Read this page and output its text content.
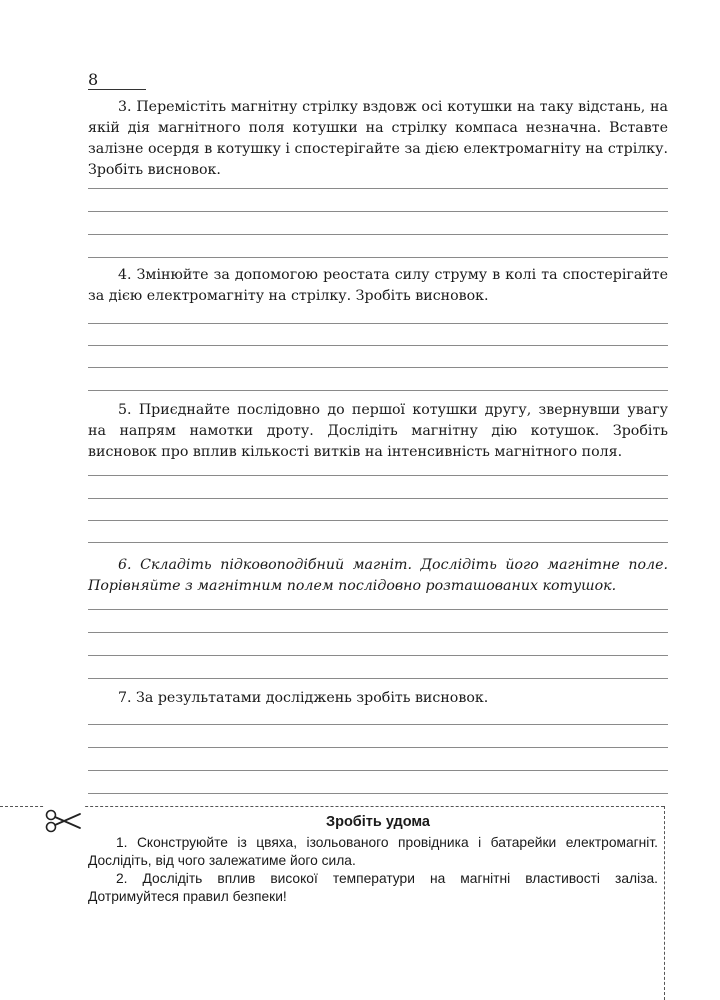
8

3. Перемістіть магнітну стрілку вздовж осі котушки на таку відстань, на якій дія магнітного поля котушки на стрілку компаса незначна. Вставте залізне осердя в котушку і спостерігайте за дією електромагніту на стрілку. Зробіть висновок.

4. Змінюйте за допомогою реостата силу струму в колі та спостерігайте за дією електромагніту на стрілку. Зробіть висновок.

5. Приєднайте послідовно до першої котушки другу, звернувши увагу на напрям намотки дроту. Дослідіть магнітну дію котушок. Зробіть висновок про вплив кількості витків на інтенсивність магнітного поля.

6. Складіть підковоподібний магніт. Дослідіть його магнітне поле. Порівняйте з магнітним полем послідовно розташованих котушок.

7. За результатами досліджень зробіть висновок.

Зробіть удома

1. Сконструюйте із цвяха, ізольованого провідника і батарейки електромагніт. Дослідіть, від чого залежатиме його сила.

2. Дослідіть вплив високої температури на магнітні властивості заліза. Дотримуйтеся правил безпеки!
